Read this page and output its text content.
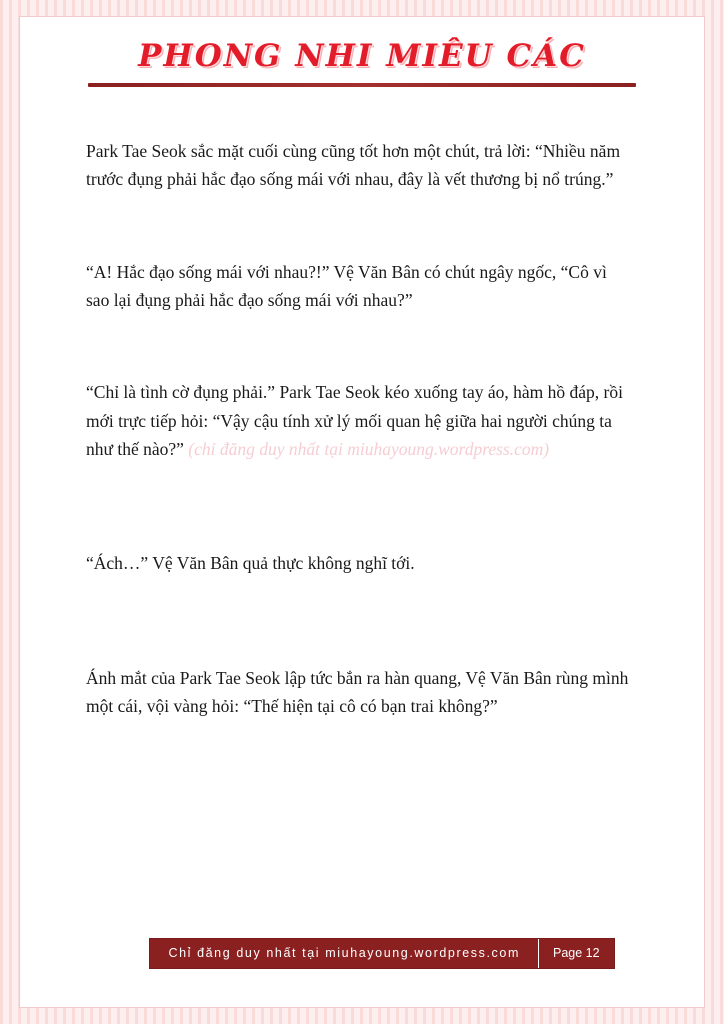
PHONG NHI MIÊU CÁC

Park Tae Seok sắc mặt cuối cùng cũng tốt hơn một chút, trả lời: “Nhiều năm trước đụng phải hắc đạo sống mái với nhau, đây là vết thương bị nổ trúng.”

“A! Hắc đạo sống mái với nhau?!” Vệ Văn Bân có chút ngây ngốc, “Cô vì sao lại đụng phải hắc đạo sống mái với nhau?”

“Chỉ là tình cờ đụng phải.” Park Tae Seok kéo xuống tay áo, hàm hồ đáp, rồi mới trực tiếp hỏi: “Vậy cậu tính xử lý mối quan hệ giữa hai người chúng ta như thế nào?” (chỉ đăng duy nhất tại miuhayoung.wordpress.com)

“Ách…” Vệ Văn Bân quả thực không nghĩ tới.

Ánh mắt của Park Tae Seok lập tức bắn ra hàn quang, Vệ Văn Bân rùng mình một cái, vội vàng hỏi: “Thế hiện tại cô có bạn trai không?”

Chỉ đăng duy nhất tại miuhayoung.wordpress.com	Page 12
